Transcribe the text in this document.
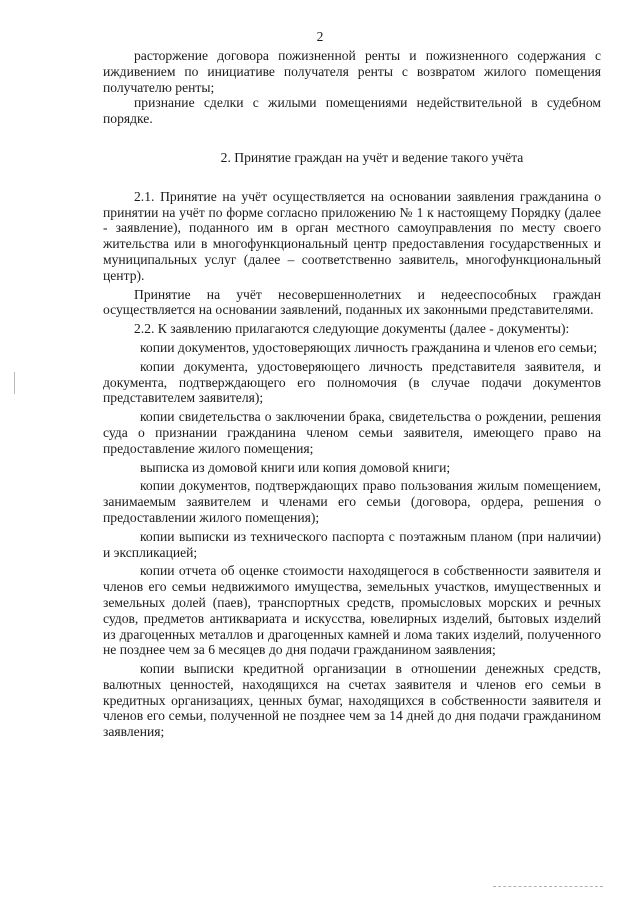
2

расторжение договора пожизненной ренты и пожизненного содержания с иждивением по инициативе получателя ренты с возвратом жилого помещения получателю ренты;

признание сделки с жилыми помещениями недействительной в судебном порядке.

2. Принятие граждан на учёт и ведение такого учёта

2.1. Принятие на учёт осуществляется на основании заявления гражданина о принятии на учёт по форме согласно приложению № 1 к настоящему Порядку (далее - заявление), поданного им в орган местного самоуправления по месту своего жительства или в многофункциональный центр предоставления государственных и муниципальных услуг (далее – соответственно заявитель, многофункциональный центр).

Принятие на учёт несовершеннолетних и недееспособных граждан осуществляется на основании заявлений, поданных их законными представителями.

2.2. К заявлению прилагаются следующие документы (далее - документы):

копии документов, удостоверяющих личность гражданина и членов его семьи;

копии документа, удостоверяющего личность представителя заявителя, и документа, подтверждающего его полномочия (в случае подачи документов представителем заявителя);

копии свидетельства о заключении брака, свидетельства о рождении, решения суда о признании гражданина членом семьи заявителя, имеющего право на предоставление жилого помещения;

выписка из домовой книги или копия домовой книги;

копии документов, подтверждающих право пользования жилым помещением, занимаемым заявителем и членами его семьи (договора, ордера, решения о предоставлении жилого помещения);

копии выписки из технического паспорта с поэтажным планом (при наличии) и экспликацией;

копии отчета об оценке стоимости находящегося в собственности заявителя и членов его семьи недвижимого имущества, земельных участков, имущественных и земельных долей (паев), транспортных средств, промысловых морских и речных судов, предметов антиквариата и искусства, ювелирных изделий, бытовых изделий из драгоценных металлов и драгоценных камней и лома таких изделий, полученного не позднее чем за 6 месяцев до дня подачи гражданином заявления;

копии выписки кредитной организации в отношении денежных средств, валютных ценностей, находящихся на счетах заявителя и членов его семьи в кредитных организациях, ценных бумаг, находящихся в собственности заявителя и членов его семьи, полученной не позднее чем за 14 дней до дня подачи гражданином заявления;
